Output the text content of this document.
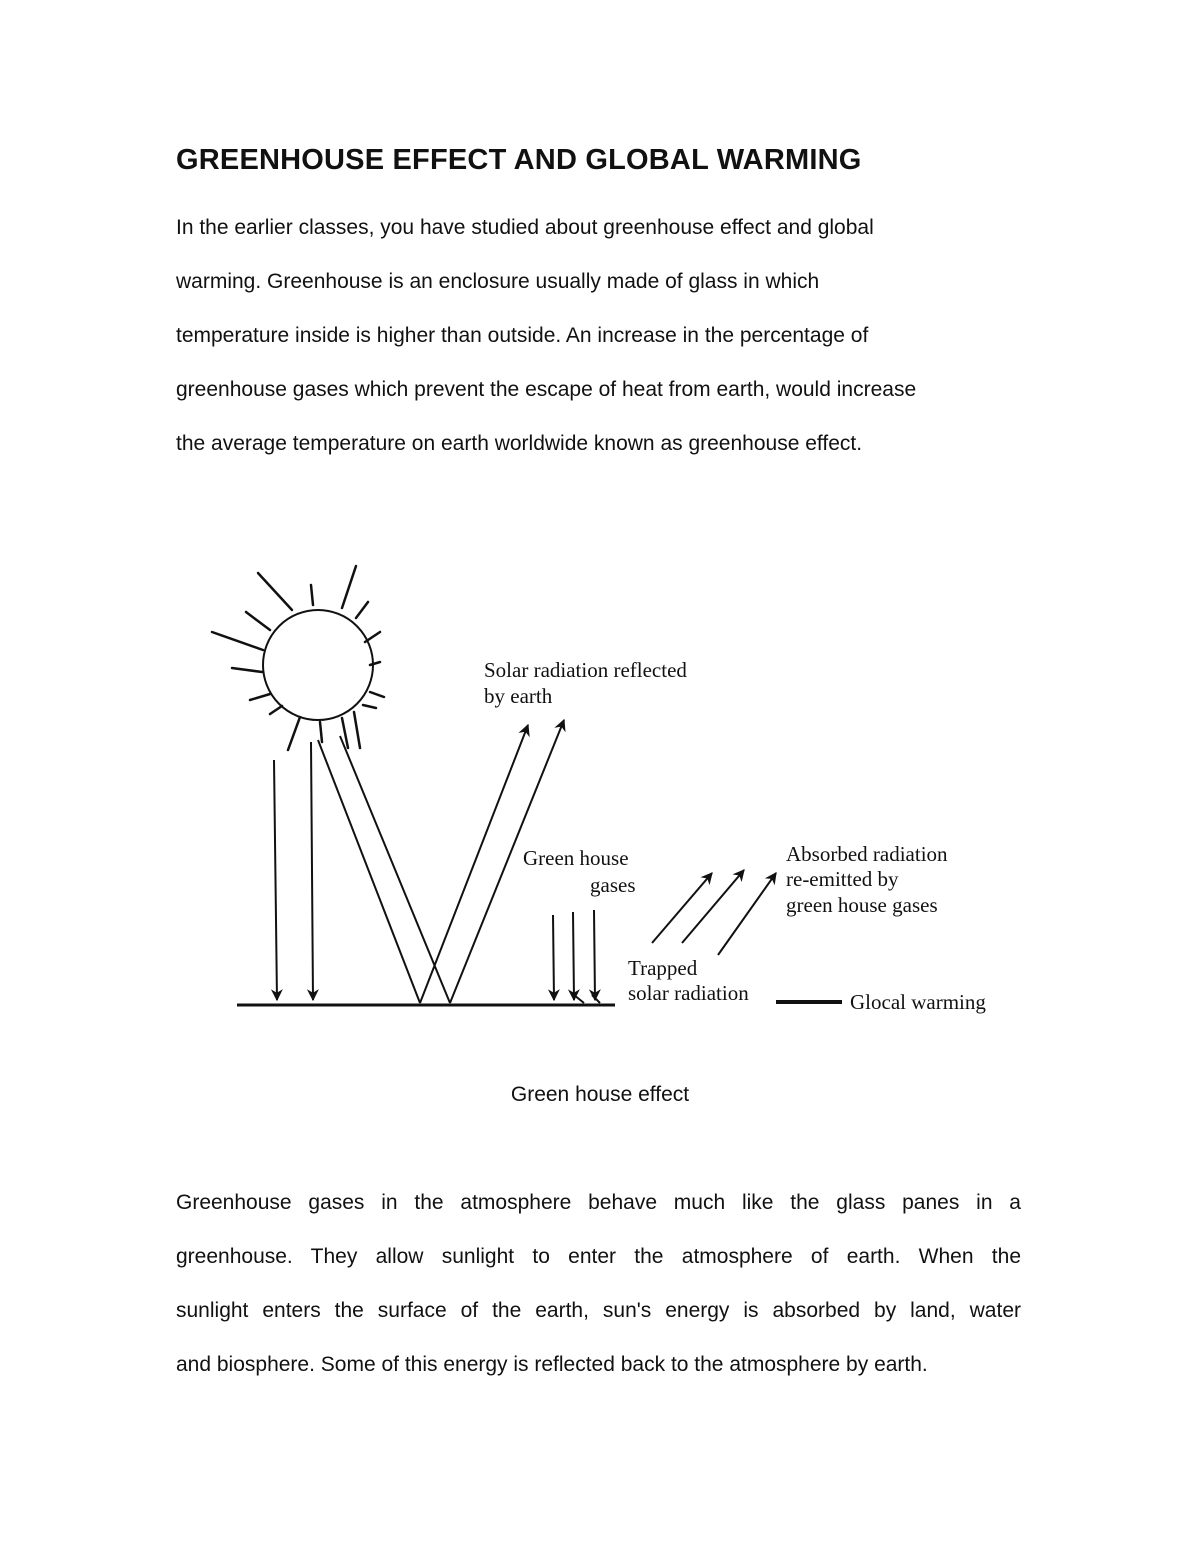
GREENHOUSE EFFECT AND GLOBAL WARMING

In the earlier classes, you have studied about greenhouse effect and global

warming. Greenhouse is an enclosure usually made of glass in which

temperature inside is higher than outside. An increase in the percentage of

greenhouse gases which prevent the escape of heat from earth, would increase

the average temperature on earth worldwide known as greenhouse effect.

Solar radiation reflected
by earth
Green house
gases
Absorbed radiation
re-emitted by
green house gases
Trapped
solar radiation	Glocal warming

Green house effect

Greenhouse gases in the atmosphere behave much like the glass panes in a

greenhouse. They allow sunlight to enter the atmosphere of earth. When the

sunlight enters the surface of the earth, sun's energy is absorbed by land, water

and biosphere. Some of this energy is reflected back to the atmosphere by earth.
